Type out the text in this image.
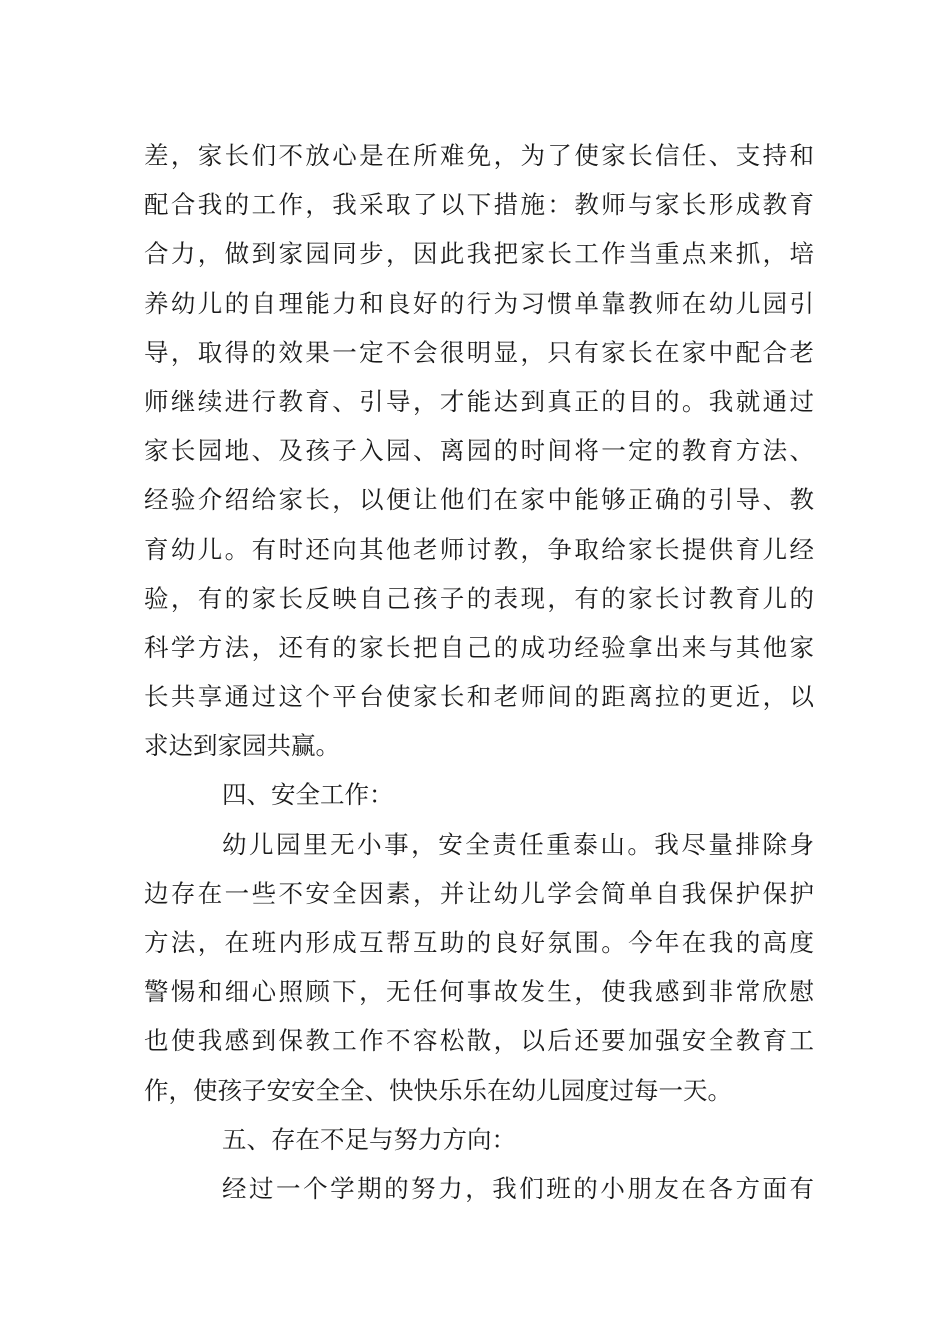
差，家长们不放心是在所难免，为了使家长信任、支持和
配合我的工作，我采取了以下措施：教师与家长形成教育
合力，做到家园同步，因此我把家长工作当重点来抓，培
养幼儿的自理能力和良好的行为习惯单靠教师在幼儿园引
导，取得的效果一定不会很明显，只有家长在家中配合老
师继续进行教育、引导，才能达到真正的目的。我就通过
家长园地、及孩子入园、离园的时间将一定的教育方法、
经验介绍给家长，以便让他们在家中能够正确的引导、教
育幼儿。有时还向其他老师讨教，争取给家长提供育儿经
验，有的家长反映自己孩子的表现，有的家长讨教育儿的
科学方法，还有的家长把自己的成功经验拿出来与其他家
长共享通过这个平台使家长和老师间的距离拉的更近，以
求达到家园共赢。
四、安全工作：
幼儿园里无小事，安全责任重泰山。我尽量排除身
边存在一些不安全因素，并让幼儿学会简单自我保护保护
方法，在班内形成互帮互助的良好氛围。今年在我的高度
警惕和细心照顾下，无任何事故发生，使我感到非常欣慰
也使我感到保教工作不容松散，以后还要加强安全教育工
作，使孩子安安全全、快快乐乐在幼儿园度过每一天。
五、存在不足与努力方向：
经过一个学期的努力，我们班的小朋友在各方面有
